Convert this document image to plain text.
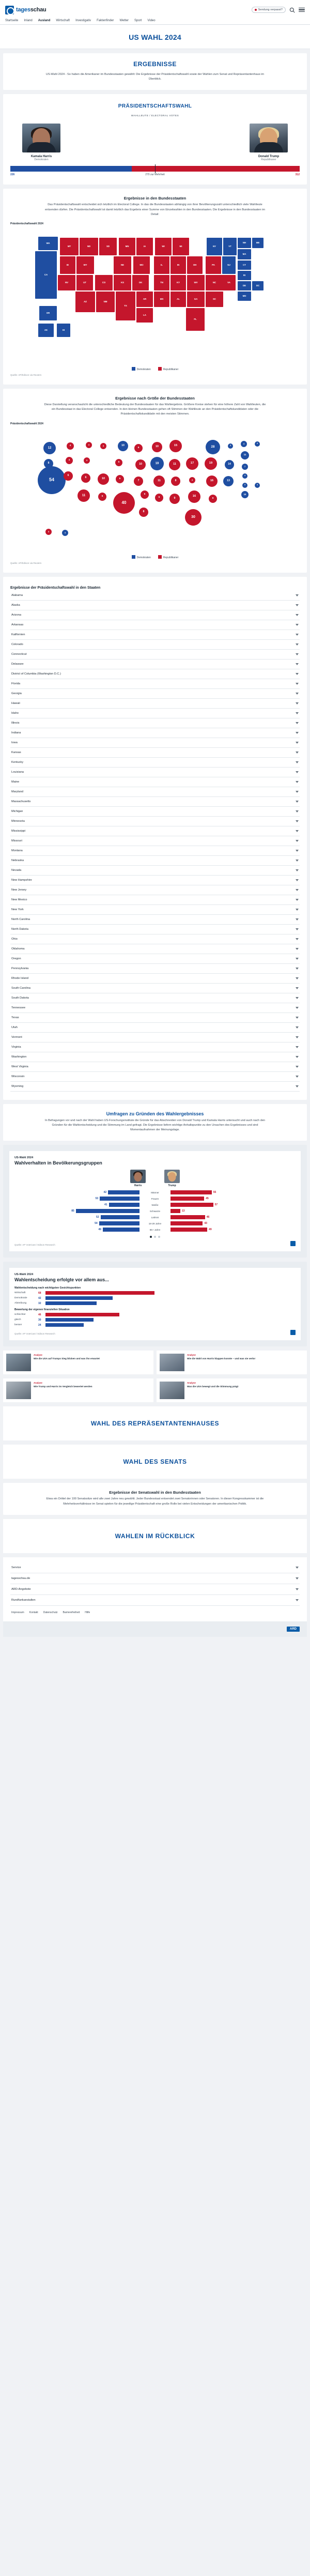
tagesschau	Sendung verpasst?
Startseite Inland Ausland Wirtschaft Investigativ Faktenfinder Wetter Sport Video
US WAHL 2024
ERGEBNISSE

US-Wahl 2024 - So haben die Amerikaner im Bundesstaaten gewählt: Die Ergebnisse der Präsidentschaftswahl sowie der Wahlen zum Senat und Repräsentantenhaus im Überblick.

PRÄSIDENTSCHAFTSWAHL

WAHLLEUTE / ELECTORAL VOTES

Kamala Harris
Demokraten
Donald Trump
Republikaner
226	270 zur Mehrheit	312
Ergebnisse in den Bundesstaaten

Das Präsidentschaftswahl entscheidet sich letztlich im Electoral College. In das die Bundesstaaten abhängig von ihrer Bevölkerungszahl unterschiedlich viele Wahlleute entsenden dürfen. Die Präsidentschaftswahl ist damit letztlich das Ergebnis einer Summe von Einzelwahlen in den Bundesstaaten. Die Ergebnisse in den Bundesstaaten im Detail:

Präsidentschaftswahl 2024
CA
WA
MT
ID
NV	UT
WY
AZ	NM
CO
ND	SD
NE
KS
TX
OK
MO
MN	IA
AR
LA
MS	AL
TN
IL	IN
KY
WI	MI
OH
WV
GA
FL
NC
SC
PA
VA
NJ
NY	VT
NH
MA
CT
RI
DE
MD
ME
DC
AK	HI
OR
Demokraten	Republikaner
Quelle: AP/Edison via Reuters
Ergebnisse nach Größe der Bundesstaaten

Diese Darstellung veranschaulicht die unterschiedliche Bedeutung der Bundesstaaten für das Wahlergebnis. Größere Kreise stehen für eine höhere Zahl von Wahlleuten, die ein Bundesstaat in das Electoral College entsenden. In den kleinen Bundesstaaten gehen oft Stimmen der Wahlleute an den Präsidentschaftskandidaten oder die Präsidentschaftskandidatin mit den meisten Stimmen.

Präsidentschaftswahl 2024
54
12
8
4
4
6
6
3
11	5
10
3	3
5
6
40
7
10
10
6
6
8
6	9
11
19	11
8
10	15
17
4
16
30
16
9
19
13
14
28	3
4
11
7
4
3
10
4
3
3	4
Demokraten	Republikaner
Quelle: AP/Edison via Reuters
Ergebnisse der Präsidentschaftswahl in den Staaten
Alabama
Alaska
Arizona
Arkansas
Kalifornien
Colorado
Connecticut
Delaware
District of Columbia (Washington D.C.)
Florida
Georgia
Hawaii
Idaho
Illinois
Indiana
Iowa
Kansas
Kentucky
Louisiana
Maine
Maryland
Massachusetts
Michigan
Minnesota
Mississippi
Missouri
Montana
Nebraska
Nevada
New Hampshire
New Jersey
New Mexico
New York
North Carolina
North Dakota
Ohio
Oklahoma
Oregon
Pennsylvania
Rhode Island
South Carolina
South Dakota
Tennessee
Texas
Utah
Vermont
Virginia
Washington
West Virginia
Wisconsin
Wyoming
Umfragen zu Gründen des Wahlergebnisses

In Befragungen vor und nach der Wahl haben US-Forschungsinstitute die Gründe für das Abschneiden von Donald Trump und Kamala Harris untersucht und auch nach den Gründen für die Wahlentscheidung und die Stimmung im Land gefragt. Die Ergebnisse liefern wichtige Anhaltspunkte zu den Ursachen des Ergebnisses und sind Momentaufnahmen der Meinungslage.

US-Wahl 2024
Wahlverhalten in Bevölkerungsgruppen
Harris	Trump
42	Männer	55
53	Frauen	45
41	Weiße	57
85	Schwarze	13
52	Latinos	46
54	18-29 Jahre	43
49	65+ Jahre	49
Quelle: AP VoteCast / Edison Research
US-Wahl 2024
Wahlentscheidung erfolgte vor allem aus...
Wahlentscheidung nach wichtigsten Gesichtspunkten
Wirtschaft	68
Demokratie	42
Abtreibung	32
Bewertung der eigenen finanziellen Situation
schlechter	46
gleich	30
besser	24
Quelle: AP VoteCast / Edison Research
Analyse
Wie die USA auf Trumps Sieg blicken und was ihn erwartet
Analyse
Wie die Wahl von Harris klappen konnte – und was sie verlor
Analyse
Wie Trump und Harris im Vergleich bewertet werden
Analyse
Was die USA bewegt und die Stimmung prägt
WAHL DES REPRÄSENTANTENHAUSES
WAHL DES SENATS
Ergebnisse der Senatswahl in den Bundesstaaten

Etwa ein Drittel der 100 Senatssitze wird alle zwei Jahre neu gewählt. Jeder Bundesstaat entsendet zwei Senatorinnen oder Senatoren. In dieser Kongresskammer ist die Mehrheitsverhältnisse im Senat spielen für die jeweilige Präsidentschaft eine große Rolle bei vielen Entscheidungen der amerikanischen Politik.

WAHLEN IM RÜCKBLICK
Service
tagesschau.de
ARD-Angebote
Rundfunkanstalten
Impressum Kontakt Datenschutz Barrierefreiheit Hilfe
ARD
